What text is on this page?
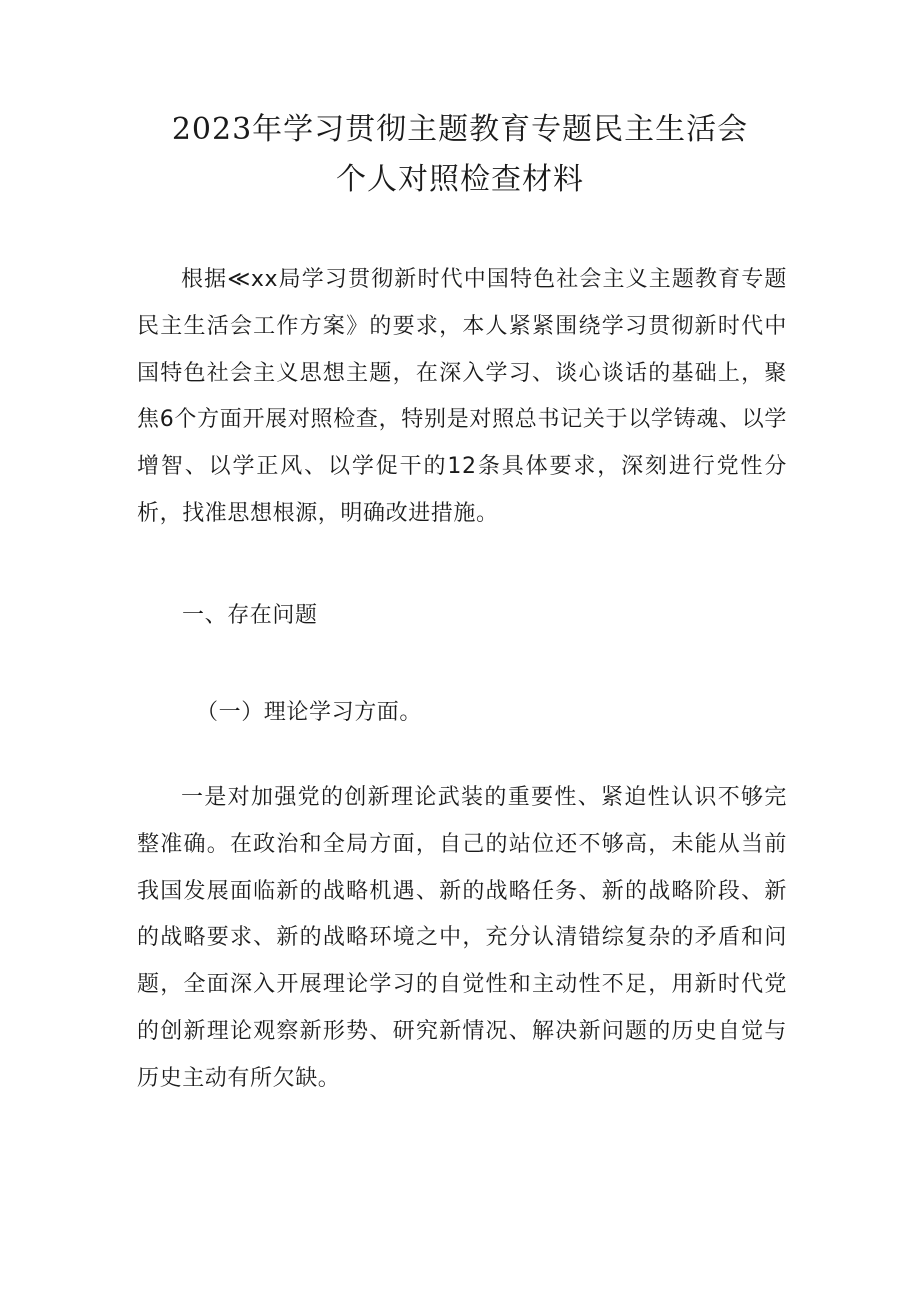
2023年学习贯彻主题教育专题民主生活会
个人对照检查材料
根据≪xx局学习贯彻新时代中国特色社会主义主题教育专题民主生活会工作方案》的要求，本人紧紧围绕学习贯彻新时代中国特色社会主义思想主题，在深入学习、谈心谈话的基础上，聚焦6个方面开展对照检查，特别是对照总书记关于以学铸魂、以学增智、以学正风、以学促干的12条具体要求，深刻进行党性分析，找准思想根源，明确改进措施。
一、存在问题
（一）理论学习方面。
一是对加强党的创新理论武装的重要性、紧迫性认识不够完整准确。在政治和全局方面，自己的站位还不够高，未能从当前我国发展面临新的战略机遇、新的战略任务、新的战略阶段、新的战略要求、新的战略环境之中，充分认清错综复杂的矛盾和问题，全面深入开展理论学习的自觉性和主动性不足，用新时代党的创新理论观察新形势、研究新情况、解决新问题的历史自觉与历史主动有所欠缺。
